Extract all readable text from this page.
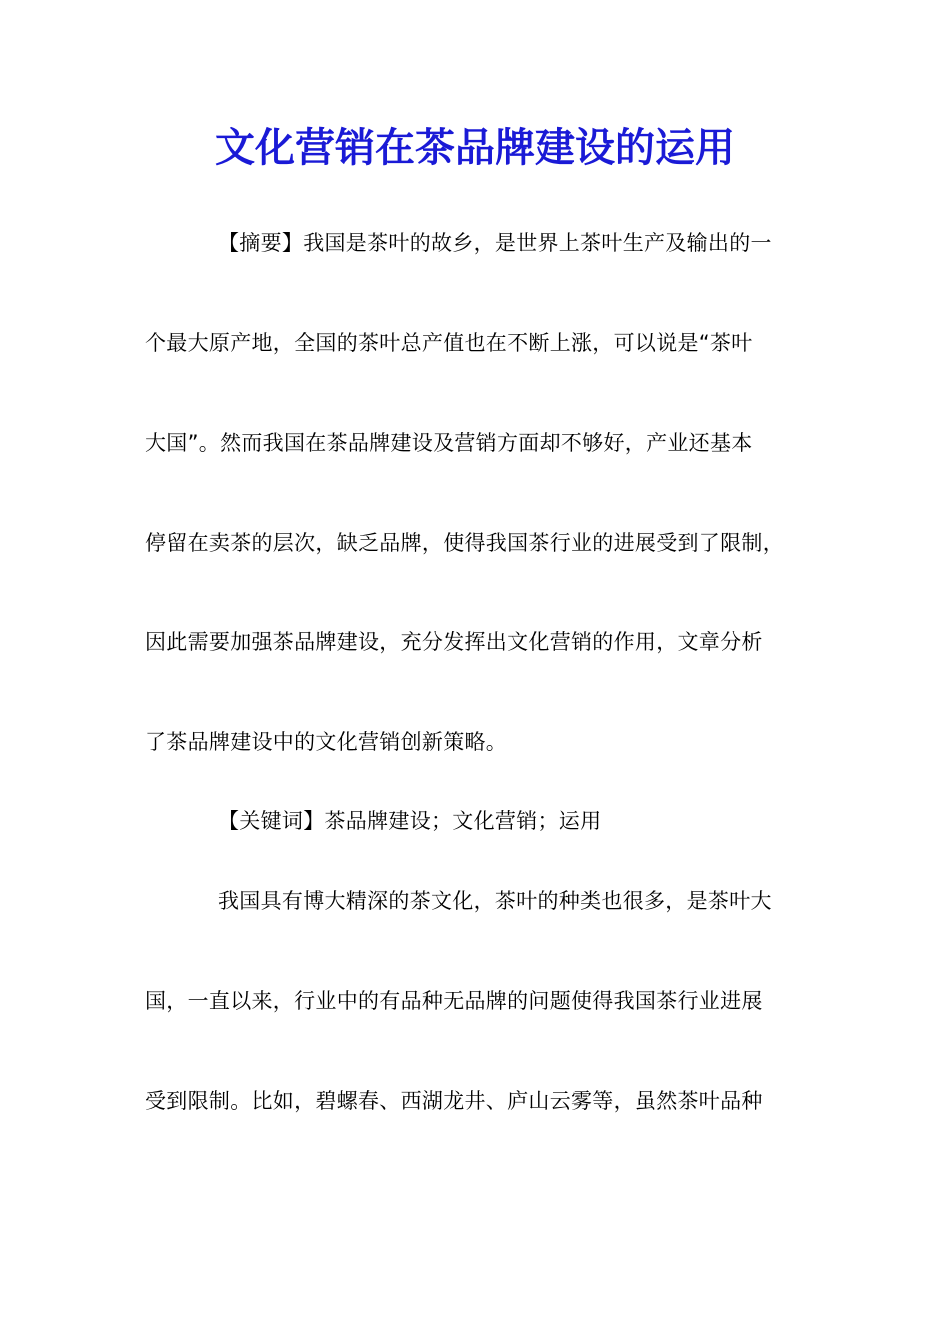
文化营销在茶品牌建设的运用
【摘要】我国是茶叶的故乡，是世界上茶叶生产及输出的一
个最大原产地，全国的茶叶总产值也在不断上涨，可以说是“茶叶
大国”。然而我国在茶品牌建设及营销方面却不够好，产业还基本
停留在卖茶的层次，缺乏品牌，使得我国茶行业的进展受到了限制，
因此需要加强茶品牌建设，充分发挥出文化营销的作用，文章分析
了茶品牌建设中的文化营销创新策略。
【关键词】茶品牌建设；文化营销；运用
我国具有博大精深的茶文化，茶叶的种类也很多，是茶叶大
国，一直以来，行业中的有品种无品牌的问题使得我国茶行业进展
受到限制。比如，碧螺春、西湖龙井、庐山云雾等，虽然茶叶品种
